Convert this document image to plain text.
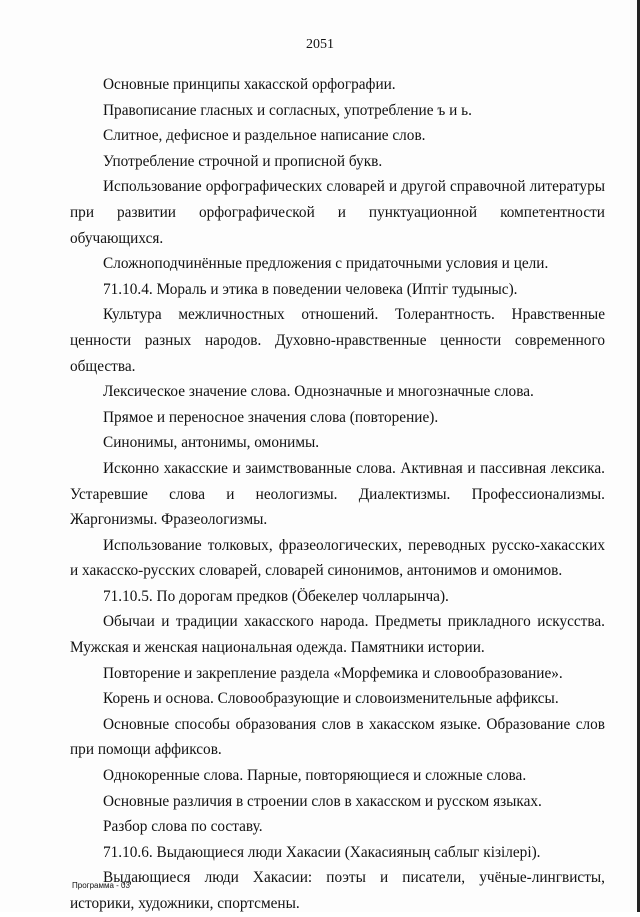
2051

Основные принципы хакасской орфографии.

Правописание гласных и согласных, употребление ъ и ь.

Слитное, дефисное и раздельное написание слов.

Употребление строчной и прописной букв.

Использование орфографических словарей и другой справочной литературы при развитии орфографической и пунктуационной компетентности обучающихся.

Сложноподчинённые предложения с придаточными условия и цели.

71.10.4. Мораль и этика в поведении человека (Иптiг тудыныс).

Культура межличностных отношений. Толерантность. Нравственные ценности разных народов. Духовно-нравственные ценности современного общества.

Лексическое значение слова. Однозначные и многозначные слова.

Прямое и переносное значения слова (повторение).

Синонимы, антонимы, омонимы.

Исконно хакасские и заимствованные слова. Активная и пассивная лексика. Устаревшие слова и неологизмы. Диалектизмы. Профессионализмы. Жаргонизмы. Фразеологизмы.

Использование толковых, фразеологических, переводных русско-хакасских и хакасско-русских словарей, словарей синонимов, антонимов и омонимов.

71.10.5. По дорогам предков (Öбекелер чолларынча).

Обычаи и традиции хакасского народа. Предметы прикладного искусства. Мужская и женская национальная одежда. Памятники истории.

Повторение и закрепление раздела «Морфемика и словообразование».

Корень и основа. Словообразующие и словоизменительные аффиксы.

Основные способы образования слов в хакасском языке. Образование слов при помощи аффиксов.

Однокоренные слова. Парные, повторяющиеся и сложные слова.

Основные различия в строении слов в хакасском и русском языках.

Разбор слова по составу.

71.10.6. Выдающиеся люди Хакасии (Хакасияның саблыг кiзiлерi).

Выдающиеся люди Хакасии: поэты и писатели, учёные-лингвисты, историки, художники, спортсмены.

Программа - 03
